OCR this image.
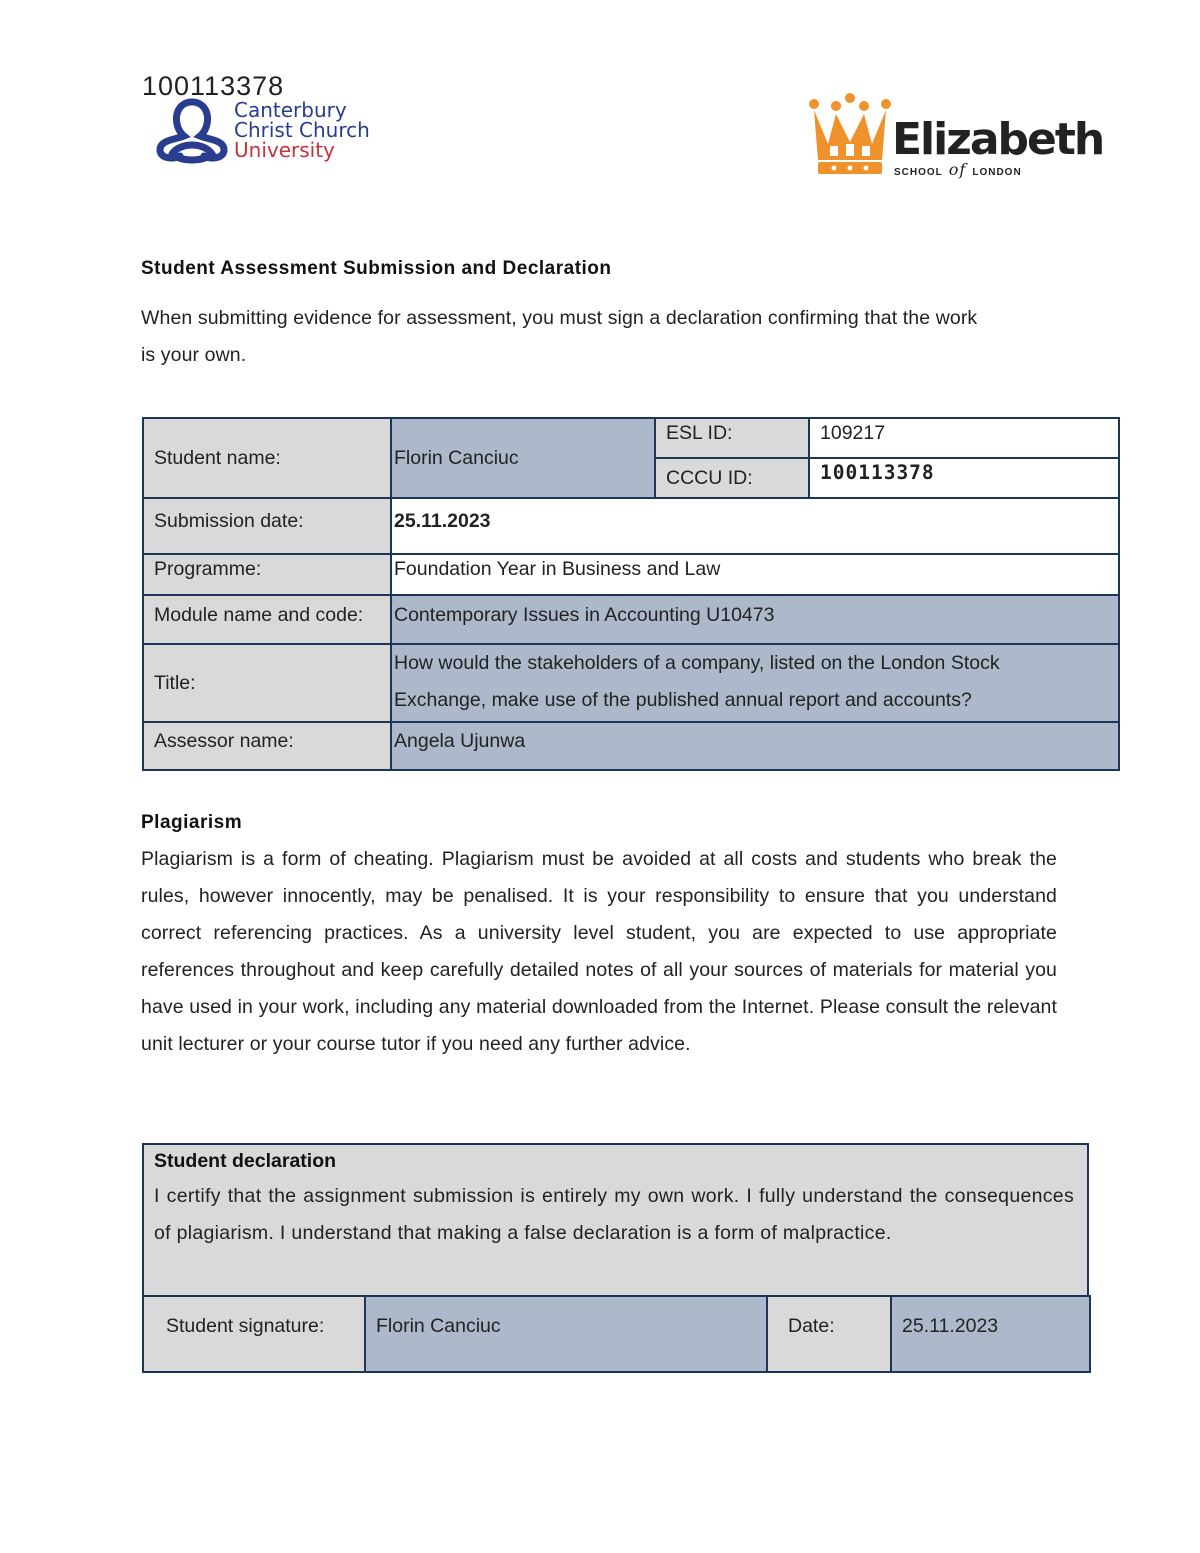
100113378
Canterbury
Christ Church
University	Elizabeth
SCHOOL of LONDON
Student Assessment Submission and Declaration
When submitting evidence for assessment, you must sign a declaration confirming that the work
is your own.
Student name:	Florin Canciuc	ESL ID:	109217
		CCCU ID:	100113378
Submission date:	25.11.2023		
Programme:	Foundation Year in Business and Law		
Module name and code:	Contemporary Issues in Accounting U10473		
Title:	How would the stakeholders of a company, listed on the London Stock
Exchange, make use of the published annual report and accounts?		

Assessor name:	Angela Ujunwa		
Plagiarism
Plagiarism is a form of cheating. Plagiarism must be avoided at all costs and students who break the rules, however innocently, may be penalised. It is your responsibility to ensure that you understand correct referencing practices. As a university level student, you are expected to use appropriate references throughout and keep carefully detailed notes of all your sources of materials for material you have used in your work, including any material downloaded from the Internet. Please consult the relevant unit lecturer or your course tutor if you need any further advice.
Student declaration
I certify that the assignment submission is entirely my own work. I fully understand the consequences of plagiarism. I understand that making a false declaration is a form of malpractice.
Student signature:	Florin Canciuc	Date:	25.11.2023
